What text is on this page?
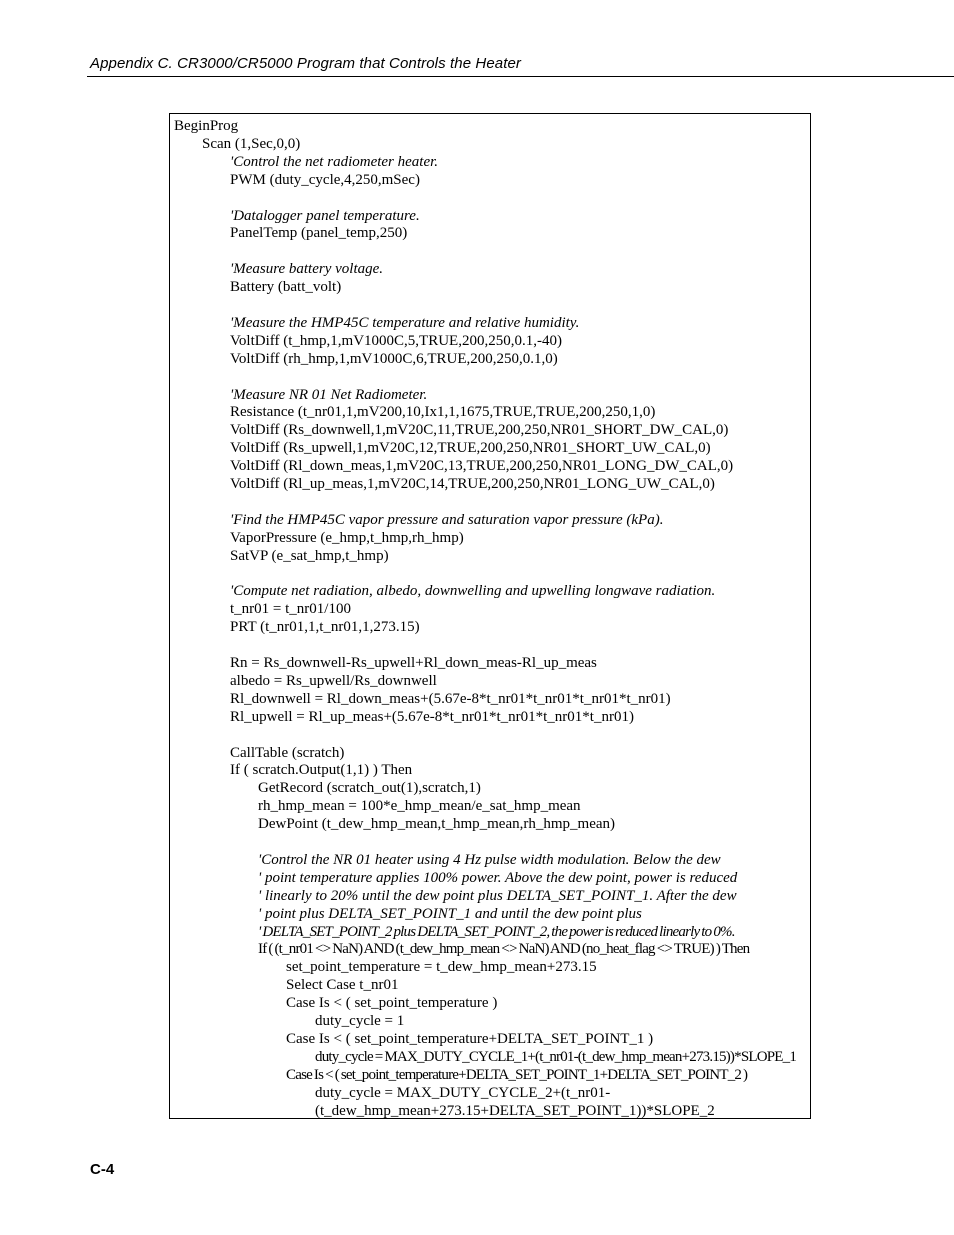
Appendix C. CR3000/CR5000 Program that Controls the Heater
BeginProg
Scan (1,Sec,0,0)
'Control the net radiometer heater.
PWM (duty_cycle,4,250,mSec)
'Datalogger panel temperature.
PanelTemp (panel_temp,250)
'Measure battery voltage.
Battery (batt_volt)
'Measure the HMP45C temperature and relative humidity.
VoltDiff (t_hmp,1,mV1000C,5,TRUE,200,250,0.1,-40)
VoltDiff (rh_hmp,1,mV1000C,6,TRUE,200,250,0.1,0)
'Measure NR 01 Net Radiometer.
Resistance (t_nr01,1,mV200,10,Ix1,1,1675,TRUE,TRUE,200,250,1,0)
VoltDiff (Rs_downwell,1,mV20C,11,TRUE,200,250,NR01_SHORT_DW_CAL,0)
VoltDiff (Rs_upwell,1,mV20C,12,TRUE,200,250,NR01_SHORT_UW_CAL,0)
VoltDiff (Rl_down_meas,1,mV20C,13,TRUE,200,250,NR01_LONG_DW_CAL,0)
VoltDiff (Rl_up_meas,1,mV20C,14,TRUE,200,250,NR01_LONG_UW_CAL,0)
'Find the HMP45C vapor pressure and saturation vapor pressure (kPa).
VaporPressure (e_hmp,t_hmp,rh_hmp)
SatVP (e_sat_hmp,t_hmp)
'Compute net radiation, albedo, downwelling and upwelling longwave radiation.
t_nr01 = t_nr01/100
PRT (t_nr01,1,t_nr01,1,273.15)
Rn = Rs_downwell-Rs_upwell+Rl_down_meas-Rl_up_meas
albedo = Rs_upwell/Rs_downwell
Rl_downwell = Rl_down_meas+(5.67e-8*t_nr01*t_nr01*t_nr01*t_nr01)
Rl_upwell = Rl_up_meas+(5.67e-8*t_nr01*t_nr01*t_nr01*t_nr01)
CallTable (scratch)
If ( scratch.Output(1,1) ) Then
GetRecord (scratch_out(1),scratch,1)
rh_hmp_mean = 100*e_hmp_mean/e_sat_hmp_mean
DewPoint (t_dew_hmp_mean,t_hmp_mean,rh_hmp_mean)
'Control the NR 01 heater using 4 Hz pulse width modulation. Below the dew
' point temperature applies 100% power. Above the dew point, power is reduced
' linearly to 20% until the dew point plus DELTA_SET_POINT_1. After the dew
' point plus DELTA_SET_POINT_1 and until the dew point plus
' DELTA_SET_POINT_2 plus DELTA_SET_POINT_2, the power is reduced linearly to 0%.
If ( (t_nr01 <> NaN) AND (t_dew_hmp_mean <> NaN) AND (no_heat_flag <> TRUE) ) Then
set_point_temperature = t_dew_hmp_mean+273.15
Select Case t_nr01
Case Is < ( set_point_temperature )
duty_cycle = 1
Case Is < ( set_point_temperature+DELTA_SET_POINT_1 )
duty_cycle = MAX_DUTY_CYCLE_1+(t_nr01-(t_dew_hmp_mean+273.15))*SLOPE_1
Case Is < ( set_point_temperature+DELTA_SET_POINT_1+DELTA_SET_POINT_2 )
duty_cycle = MAX_DUTY_CYCLE_2+(t_nr01-
(t_dew_hmp_mean+273.15+DELTA_SET_POINT_1))*SLOPE_2
C-4
